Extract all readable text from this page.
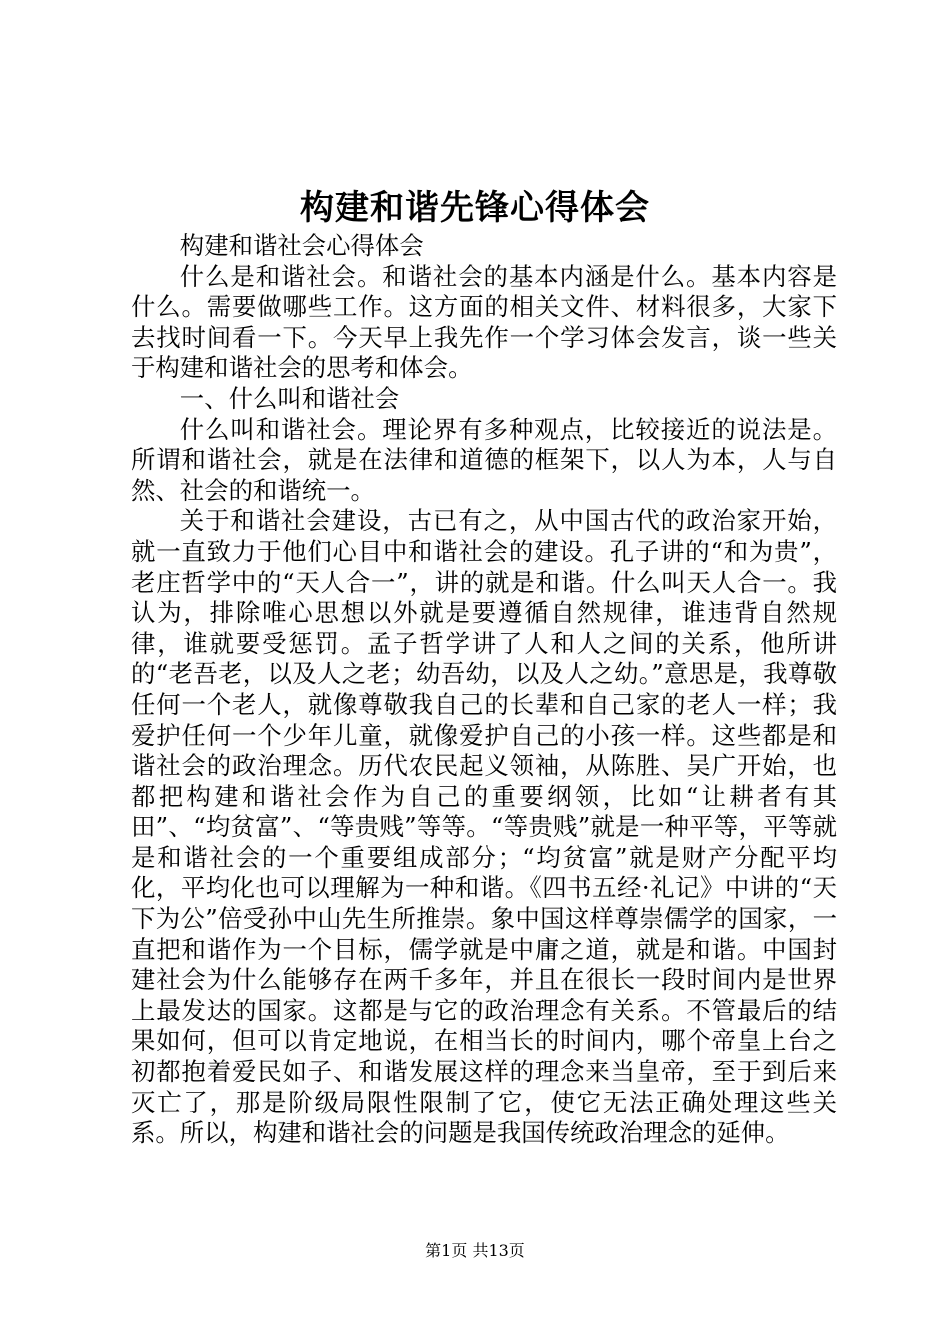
构建和谐先锋心得体会

构建和谐社会心得体会

什么是和谐社会。和谐社会的基本内涵是什么。基本内容是什么。需要做哪些工作。这方面的相关文件、材料很多，大家下去找时间看一下。今天早上我先作一个学习体会发言，谈一些关于构建和谐社会的思考和体会。

一、什么叫和谐社会

什么叫和谐社会。理论界有多种观点，比较接近的说法是。所谓和谐社会，就是在法律和道德的框架下，以人为本，人与自然、社会的和谐统一。

关于和谐社会建设，古已有之，从中国古代的政治家开始，就一直致力于他们心目中和谐社会的建设。孔子讲的“和为贵”，老庄哲学中的“天人合一”，讲的就是和谐。什么叫天人合一。我认为，排除唯心思想以外就是要遵循自然规律，谁违背自然规律，谁就要受惩罚。孟子哲学讲了人和人之间的关系，他所讲的“老吾老，以及人之老；幼吾幼，以及人之幼。”意思是，我尊敬任何一个老人，就像尊敬我自己的长辈和自己家的老人一样；我爱护任何一个少年儿童，就像爱护自己的小孩一样。这些都是和谐社会的政治理念。历代农民起义领袖，从陈胜、吴广开始，也都把构建和谐社会作为自己的重要纲领，比如“让耕者有其田”、“均贫富”、“等贵贱”等等。“等贵贱”就是一种平等，平等就是和谐社会的一个重要组成部分；“均贫富”就是财产分配平均化，平均化也可以理解为一种和谐。《四书五经·礼记》中讲的“天下为公”倍受孙中山先生所推崇。象中国这样尊崇儒学的国家，一直把和谐作为一个目标，儒学就是中庸之道，就是和谐。中国封建社会为什么能够存在两千多年，并且在很长一段时间内是世界上最发达的国家。这都是与它的政治理念有关系。不管最后的结果如何，但可以肯定地说，在相当长的时间内，哪个帝皇上台之初都抱着爱民如子、和谐发展这样的理念来当皇帝，至于到后来灭亡了，那是阶级局限性限制了它，使它无法正确处理这些关系。所以，构建和谐社会的问题是我国传统政治理念的延伸。

第1页 共13页
